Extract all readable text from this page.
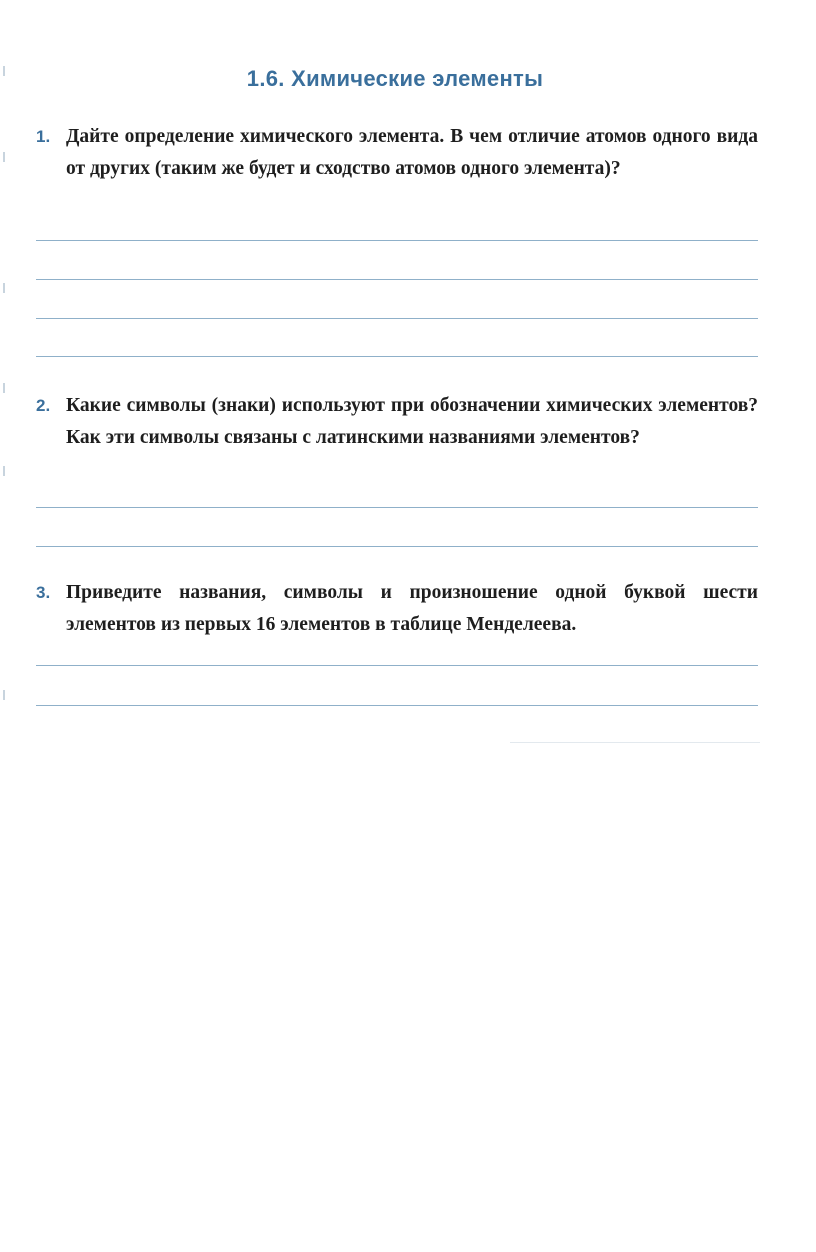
1.6. Химические элементы
1. Дайте определение химического элемента. В чем отличие атомов одного вида от других (таким же будет и сходство атомов одного элемента)?
2. Какие символы (знаки) используют при обозначении химических элементов? Как эти символы связаны с латинскими названиями элементов?
3. Приведите названия, символы и произношение одной буквой шести элементов из первых 16 элементов в таблице Менделеева.
